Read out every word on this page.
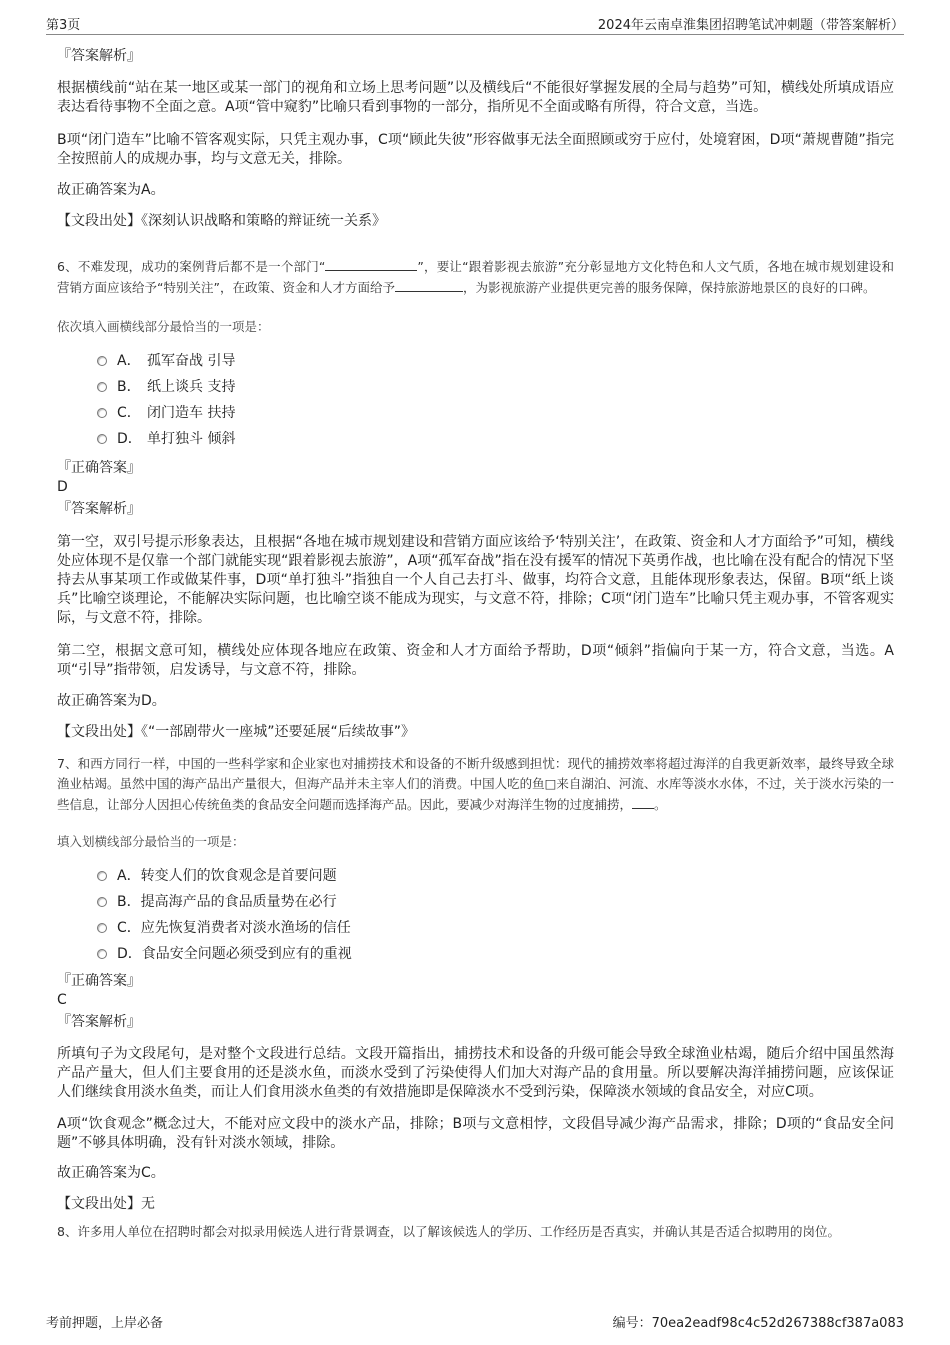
第3页	2024年云南卓淮集团招聘笔试冲刺题（带答案解析）

『答案解析』

根据横线前“站在某一地区或某一部门的视角和立场上思考问题”以及横线后“不能很好掌握发展的全局与趋势”可知，横线处所填成语应表达看待事物不全面之意。A项“管中窥豹”比喻只看到事物的一部分，指所见不全面或略有所得，符合文意，当选。

B项“闭门造车”比喻不管客观实际，只凭主观办事，C项“顾此失彼”形容做事无法全面照顾或穷于应付，处境窘困，D项“萧规曹随”指完全按照前人的成规办事，均与文意无关，排除。

故正确答案为A。

【文段出处】《深刻认识战略和策略的辩证统一关系》

6、不难发现，成功的案例背后都不是一个部门“	”，要让“跟着影视去旅游”充分彰显地方文化特色和人文气质，各地在城市规划建设和营销方面应该给予“特别关注”，在政策、资金和人才方面给予	，为影视旅游产业提供更完善的服务保障，保持旅游地景区的良好的口碑。

依次填入画横线部分最恰当的一项是：

A． 孤军奋战 引导
B． 纸上谈兵 支持
C． 闭门造车 扶持
D． 单打独斗 倾斜

『正确答案』

D

『答案解析』

第一空，双引号提示形象表达，且根据“各地在城市规划建设和营销方面应该给予‘特别关注’，在政策、资金和人才方面给予”可知，横线处应体现不是仅靠一个部门就能实现“跟着影视去旅游”，A项“孤军奋战”指在没有援军的情况下英勇作战，也比喻在没有配合的情况下坚持去从事某项工作或做某件事，D项“单打独斗”指独自一个人自己去打斗、做事，均符合文意，且能体现形象表达，保留。B项“纸上谈兵”比喻空谈理论，不能解决实际问题，也比喻空谈不能成为现实，与文意不符，排除；C项“闭门造车”比喻只凭主观办事，不管客观实际，与文意不符，排除。

第二空，根据文意可知，横线处应体现各地应在政策、资金和人才方面给予帮助，D项“倾斜”指偏向于某一方，符合文意，当选。A项“引导”指带领，启发诱导，与文意不符，排除。

故正确答案为D。

【文段出处】《“一部剧带火一座城”还要延展“后续故事”》

7、和西方同行一样，中国的一些科学家和企业家也对捕捞技术和设备的不断升级感到担忧：现代的捕捞效率将超过海洋的自我更新效率，最终导致全球渔业枯竭。虽然中国的海产品出产量很大，但海产品并未主宰人们的消费。中国人吃的鱼□来自湖泊、河流、水库等淡水水体，不过，关于淡水污染的一些信息，让部分人因担心传统鱼类的食品安全问题而选择海产品。因此，要减少对海洋生物的过度捕捞， 。

填入划横线部分最恰当的一项是：

A． 转变人们的饮食观念是首要问题
B． 提高海产品的食品质量势在必行
C． 应先恢复消费者对淡水渔场的信任
D． 食品安全问题必须受到应有的重视

『正确答案』

C

『答案解析』

所填句子为文段尾句，是对整个文段进行总结。文段开篇指出，捕捞技术和设备的升级可能会导致全球渔业枯竭，随后介绍中国虽然海产品产量大，但人们主要食用的还是淡水鱼，而淡水受到了污染使得人们加大对海产品的食用量。所以要解决海洋捕捞问题，应该保证人们继续食用淡水鱼类，而让人们食用淡水鱼类的有效措施即是保障淡水不受到污染，保障淡水领域的食品安全，对应C项。

A项“饮食观念”概念过大，不能对应文段中的淡水产品，排除；B项与文意相悖，文段倡导减少海产品需求，排除；D项的“食品安全问题”不够具体明确，没有针对淡水领域，排除。

故正确答案为C。

【文段出处】无

8、许多用人单位在招聘时都会对拟录用候选人进行背景调查，以了解该候选人的学历、工作经历是否真实，并确认其是否适合拟聘用的岗位。

考前押题，上岸必备	编号：70ea2eadf98c4c52d267388cf387a083
